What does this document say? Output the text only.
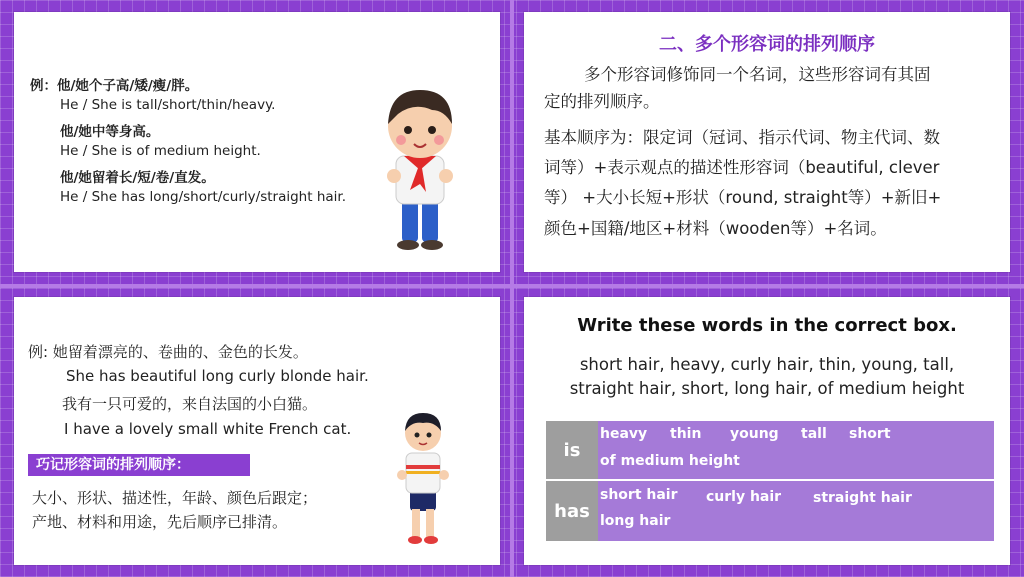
例：他/她个子高/矮/瘦/胖。
He / She is tall/short/thin/heavy.
他/她中等身高。
He / She is of medium height.
他/她留着长/短/卷/直发。
He / She has long/short/curly/straight hair.
二、多个形容词的排列顺序
多个形容词修饰同一个名词，这些形容词有其固
定的排列顺序。
基本顺序为：限定词（冠词、指示代词、物主代词、数
词等）+表示观点的描述性形容词（beautiful, clever
等） +大小长短+形状（round, straight等）+新旧+
颜色+国籍/地区+材料（wooden等）+名词。
例: 她留着漂亮的、卷曲的、金色的长发。
She has beautiful long curly blonde hair.
我有一只可爱的，来自法国的小白猫。
I have a lovely small white French cat.
巧记形容词的排列顺序：
大小、形状、描述性，年龄、颜色后跟定；
产地、材料和用途，先后顺序已排清。
Write these words in the correct box.
short hair, heavy, curly hair, thin, young, tall,
straight hair, short, long hair, of medium height
is
heavy thin young tall short
of medium height
has
short hair curly hair straight hair
long hair
